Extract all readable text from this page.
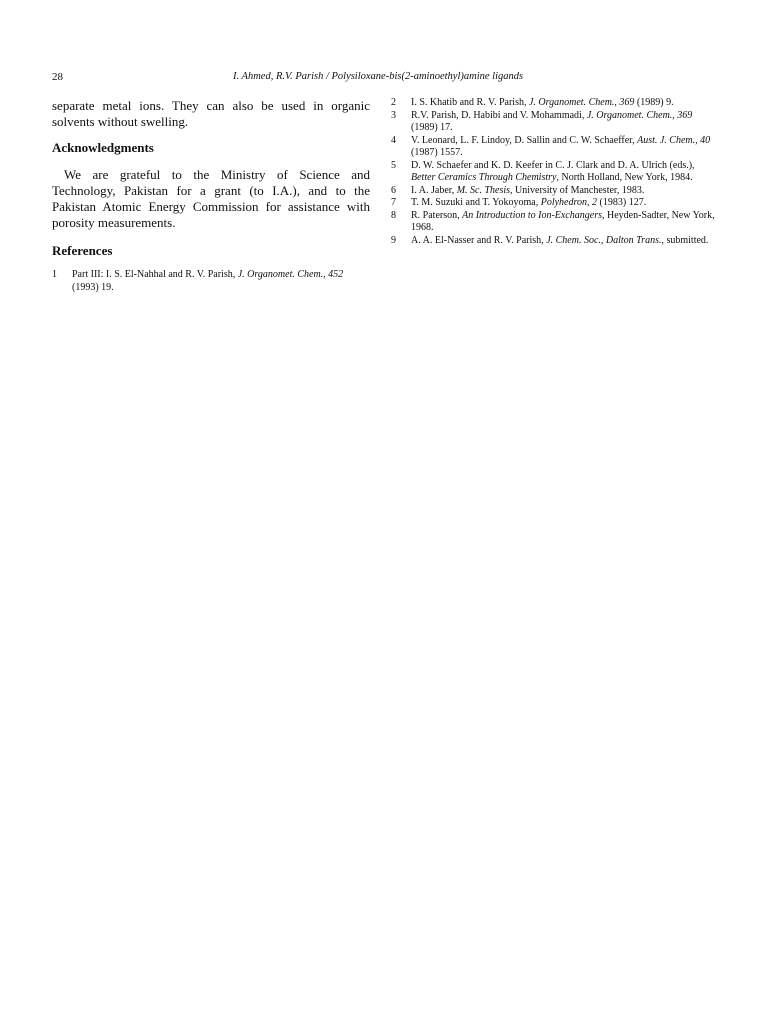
28	I. Ahmed, R.V. Parish / Polysiloxane-bis(2-aminoethyl)amine ligands

separate metal ions. They can also be used in organic solvents without swelling.

Acknowledgments

We are grateful to the Ministry of Science and Technology, Pakistan for a grant (to I.A.), and to the Pakistan Atomic Energy Commission for assistance with porosity measurements.

References
1	Part III: I. S. El-Nahhal and R. V. Parish, J. Organomet. Chem., 452 (1993) 19.
2	I. S. Khatib and R. V. Parish, J. Organomet. Chem., 369 (1989) 9.
3	R.V. Parish, D. Habibi and V. Mohammadi, J. Organomet. Chem., 369 (1989) 17.
4	V. Leonard, L. F. Lindoy, D. Sallin and C. W. Schaeffer, Aust. J. Chem., 40 (1987) 1557.
5	D. W. Schaefer and K. D. Keefer in C. J. Clark and D. A. Ulrich (eds.), Better Ceramics Through Chemistry, North Holland, New York, 1984.
6	I. A. Jaber, M. Sc. Thesis, University of Manchester, 1983.
7	T. M. Suzuki and T. Yokoyoma, Polyhedron, 2 (1983) 127.
8	R. Paterson, An Introduction to Ion-Exchangers, Heyden-Sadter, New York, 1968.
9	A. A. El-Nasser and R. V. Parish, J. Chem. Soc., Dalton Trans., submitted.
